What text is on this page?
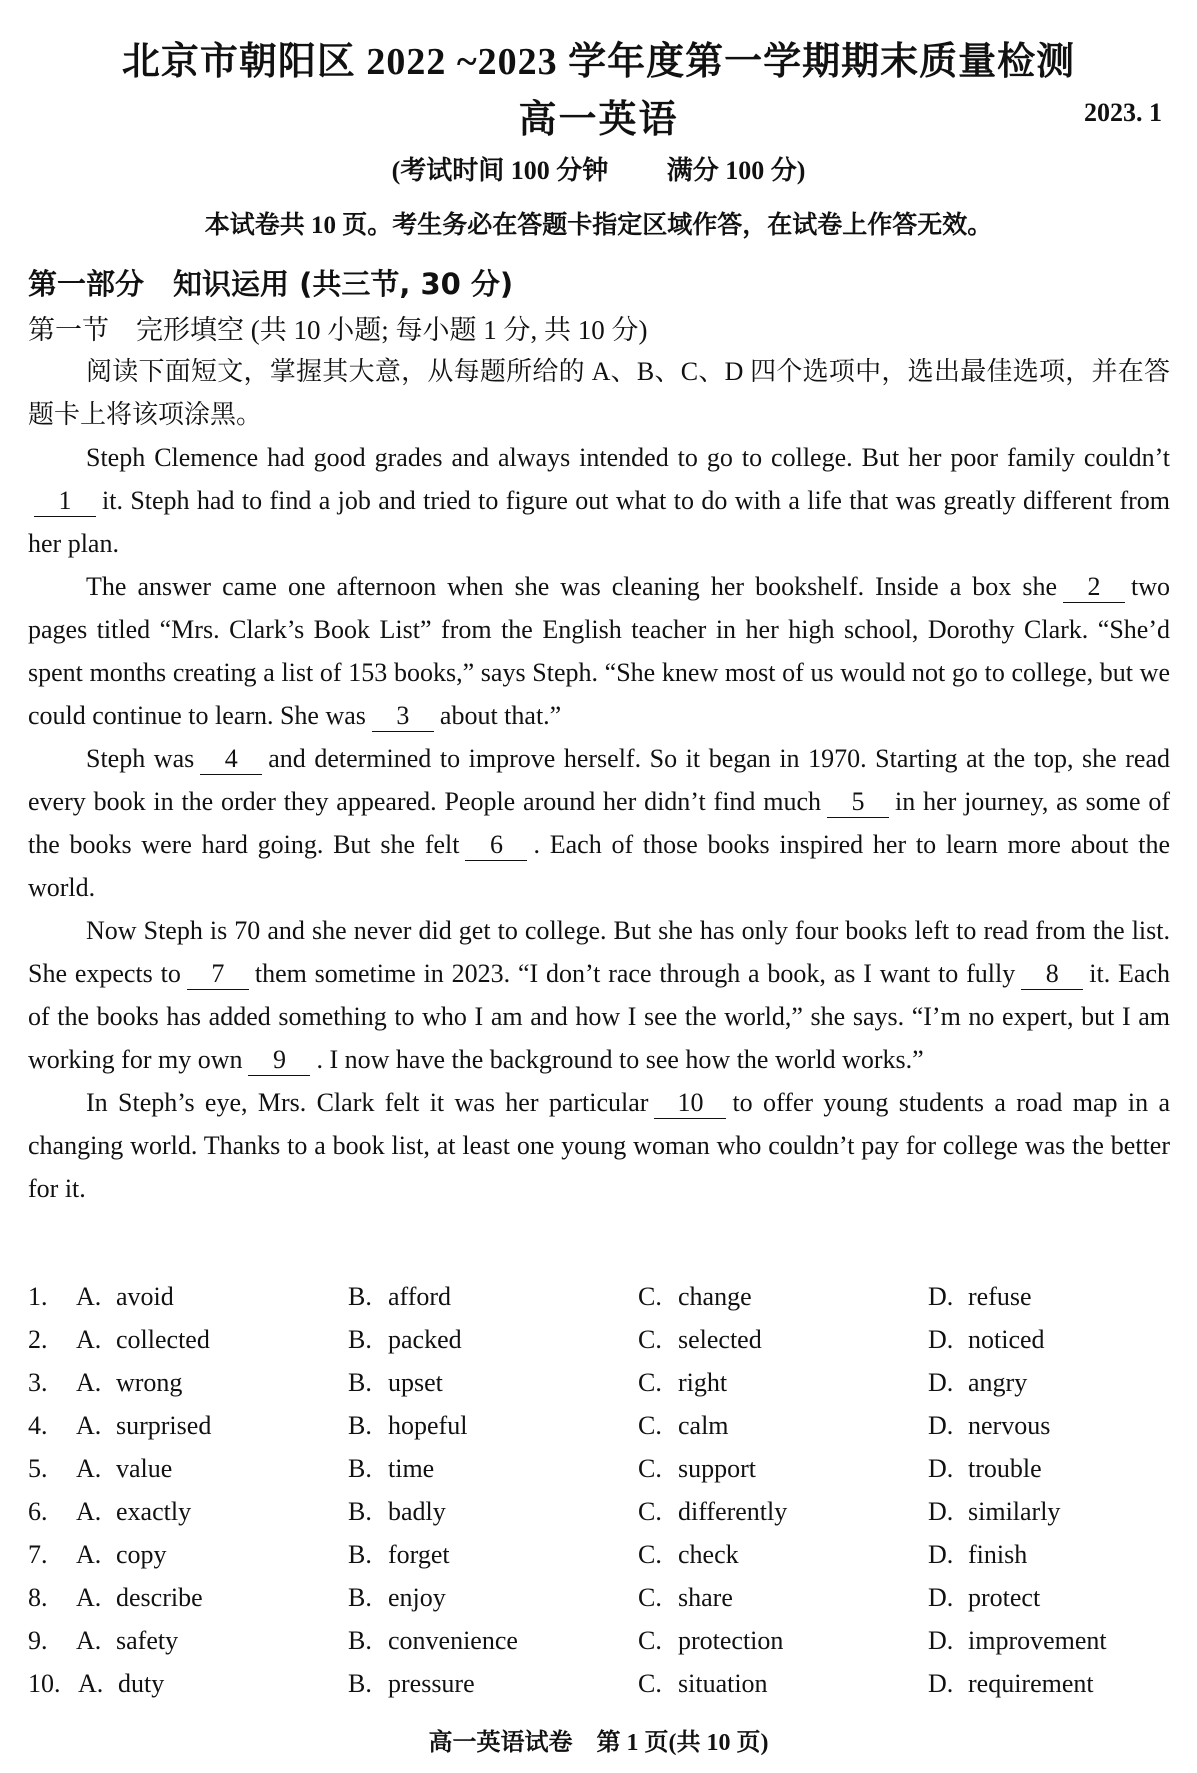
北京市朝阳区 2022 ~2023 学年度第一学期期末质量检测
高一英语	2023. 1
(考试时间 100 分钟 满分 100 分)
本试卷共 10 页。考生务必在答题卡指定区域作答，在试卷上作答无效。
第一部分　知识运用 (共三节, 30 分)
第一节　完形填空 (共 10 小题; 每小题 1 分, 共 10 分)

阅读下面短文，掌握其大意，从每题所给的 A、B、C、D 四个选项中，选出最佳选项，并在答题卡上将该项涂黑。

Steph Clemence had good grades and always intended to go to college. But her poor family couldn’t1 it. Steph had to find a job and tried to figure out what to do with a life that was greatly different from her plan.

The answer came one afternoon when she was cleaning her bookshelf. Inside a box she 2 two pages titled “Mrs. Clark’s Book List” from the English teacher in her high school, Dorothy Clark. “She’d spent months creating a list of 153 books,” says Steph. “She knew most of us would not go to college, but we could continue to learn. She was 3 about that.”

Steph was 4 and determined to improve herself. So it began in 1970. Starting at the top, she read every book in the order they appeared. People around her didn’t find much 5 in her journey, as some of the books were hard going. But she felt 6 . Each of those books inspired her to learn more about the world.

Now Steph is 70 and she never did get to college. But she has only four books left to read from the list. She expects to 7 them sometime in 2023. “I don’t race through a book, as I want to fully 8 it. Each of the books has added something to who I am and how I see the world,” she says. “I’m no expert, but I am working for my own 9 . I now have the background to see how the world works.”

In Steph’s eye, Mrs. Clark felt it was her particular 10 to offer young students a road map in a changing world. Thanks to a book list, at least one young woman who couldn’t pay for college was the better for it.

1. A. avoid	B. afford	C. change	D. refuse
2. A. collected	B. packed	C. selected	D. noticed
3. A. wrong	B. upset	C. right	D. angry
4. A. surprised	B. hopeful	C. calm	D. nervous
5. A. value	B. time	C. support	D. trouble
6. A. exactly	B. badly	C. differently	D. similarly
7. A. copy	B. forget	C. check	D. finish
8. A. describe	B. enjoy	C. share	D. protect
9. A. safety	B. convenience	C. protection	D. improvement
10. A. duty	B. pressure	C. situation	D. requirement
高一英语试卷　第 1 页(共 10 页)
